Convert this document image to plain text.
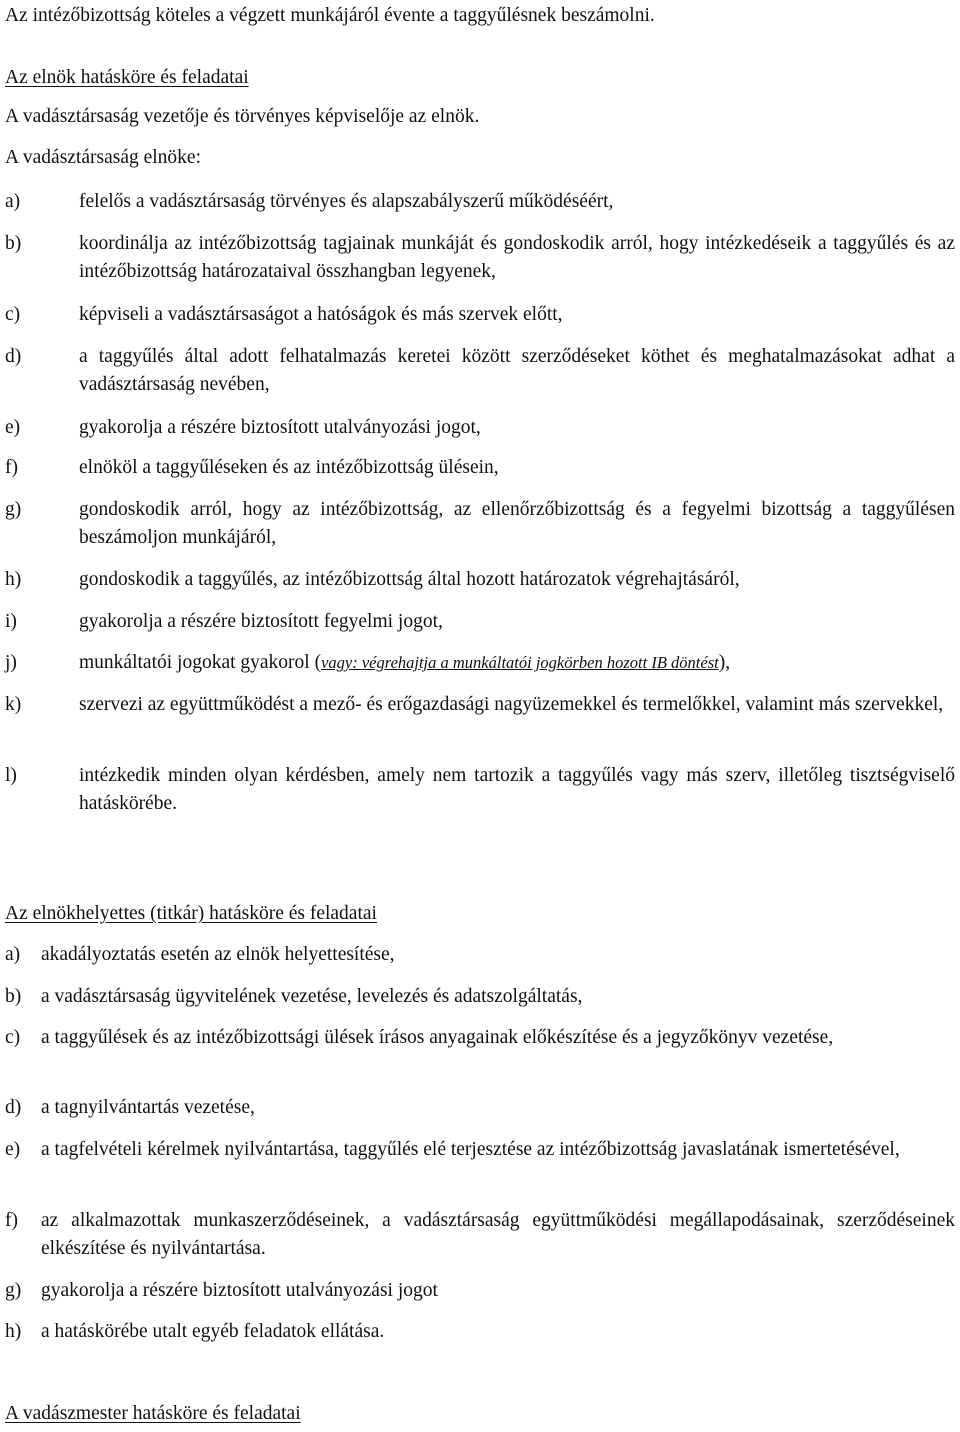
Az intézőbizottság köteles a végzett munkájáról évente a taggyűlésnek beszámolni.
Az elnök hatásköre és feladatai
A vadásztársaság vezetője és törvényes képviselője az elnök.
A vadásztársaság elnöke:
a)	felelős a vadásztársaság törvényes és alapszabályszerű működéséért,
b)	koordinálja az intézőbizottság tagjainak munkáját és gondoskodik arról, hogy intézkedéseik a taggyűlés és az intézőbizottság határozataival összhangban legyenek,
c)	képviseli a vadásztársaságot a hatóságok és más szervek előtt,
d)	a taggyűlés által adott felhatalmazás keretei között szerződéseket köthet és meghatalmazásokat adhat a vadásztársaság nevében,
e)	gyakorolja a részére biztosított utalványozási jogot,
f)	elnököl a taggyűléseken és az intézőbizottság ülésein,
g)	gondoskodik arról, hogy az intézőbizottság, az ellenőrzőbizottság és a fegyelmi bizottság a taggyűlésen beszámoljon munkájáról,
h)	gondoskodik a taggyűlés, az intézőbizottság által hozott határozatok végrehajtásáról,
i)	gyakorolja a részére biztosított fegyelmi jogot,
j)	munkáltatói jogokat gyakorol (vagy: végrehajtja a munkáltatói jogkörben hozott IB döntést),
k)	szervezi az együttműködést a mező- és erőgazdasági nagyüzemekkel és termelőkkel, valamint más szervekkel,
l)	intézkedik minden olyan kérdésben, amely nem tartozik a taggyűlés vagy más szerv, illetőleg tisztségviselő hatáskörébe.
Az elnökhelyettes (titkár) hatásköre és feladatai
a) akadályoztatás esetén az elnök helyettesítése,
b) a vadásztársaság ügyvitelének vezetése, levelezés és adatszolgáltatás,
c) a taggyűlések és az intézőbizottsági ülések írásos anyagainak előkészítése és a jegyzőkönyv vezetése,
d) a tagnyilvántartás vezetése,
e) a tagfelvételi kérelmek nyilvántartása, taggyűlés elé terjesztése az intézőbizottság javaslatának ismertetésével,
f) az alkalmazottak munkaszerződéseinek, a vadásztársaság együttműködési megállapodásainak, szerződéseinek elkészítése és nyilvántartása.
g) gyakorolja a részére biztosított utalványozási jogot
h) a hatáskörébe utalt egyéb feladatok ellátása.
A vadászmester hatásköre és feladatai
